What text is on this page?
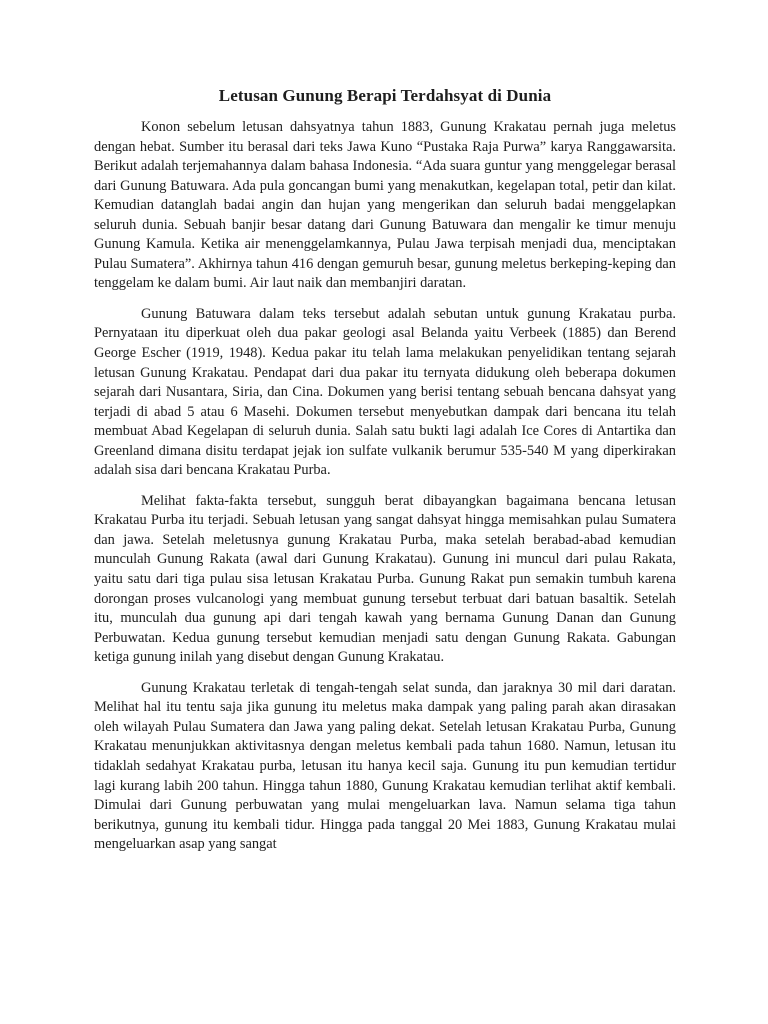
Letusan Gunung Berapi Terdahsyat di Dunia

Konon sebelum letusan dahsyatnya tahun 1883, Gunung Krakatau pernah juga meletus dengan hebat. Sumber itu berasal dari teks Jawa Kuno “Pustaka Raja Purwa” karya Ranggawarsita. Berikut adalah terjemahannya dalam bahasa Indonesia. “Ada suara guntur yang menggelegar berasal dari Gunung Batuwara. Ada pula goncangan bumi yang menakutkan, kegelapan total, petir dan kilat. Kemudian datanglah badai angin dan hujan yang mengerikan dan seluruh badai menggelapkan seluruh dunia. Sebuah banjir besar datang dari Gunung Batuwara dan mengalir ke timur menuju Gunung Kamula. Ketika air menenggelamkannya, Pulau Jawa terpisah menjadi dua, menciptakan Pulau Sumatera”. Akhirnya tahun 416 dengan gemuruh besar, gunung meletus berkeping-keping dan tenggelam ke dalam bumi. Air laut naik dan membanjiri daratan.

Gunung Batuwara dalam teks tersebut adalah sebutan untuk gunung Krakatau purba. Pernyataan itu diperkuat oleh dua pakar geologi asal Belanda yaitu Verbeek (1885) dan Berend George Escher (1919, 1948). Kedua pakar itu telah lama melakukan penyelidikan tentang sejarah letusan Gunung Krakatau. Pendapat dari dua pakar itu ternyata didukung oleh beberapa dokumen sejarah dari Nusantara, Siria, dan Cina. Dokumen yang berisi tentang sebuah bencana dahsyat yang terjadi di abad 5 atau 6 Masehi. Dokumen tersebut menyebutkan dampak dari bencana itu telah membuat Abad Kegelapan di seluruh dunia. Salah satu bukti lagi adalah Ice Cores di Antartika dan Greenland dimana disitu terdapat jejak ion sulfate vulkanik berumur 535-540 M yang diperkirakan adalah sisa dari bencana Krakatau Purba.

Melihat fakta-fakta tersebut, sungguh berat dibayangkan bagaimana bencana letusan Krakatau Purba itu terjadi. Sebuah letusan yang sangat dahsyat hingga memisahkan pulau Sumatera dan jawa. Setelah meletusnya gunung Krakatau Purba, maka setelah berabad-abad kemudian munculah Gunung Rakata (awal dari Gunung Krakatau). Gunung ini muncul dari pulau Rakata, yaitu satu dari tiga pulau sisa letusan Krakatau Purba. Gunung Rakat pun semakin tumbuh karena dorongan proses vulcanologi yang membuat gunung tersebut terbuat dari batuan basaltik. Setelah itu, munculah dua gunung api dari tengah kawah yang bernama Gunung Danan dan Gunung Perbuwatan. Kedua gunung tersebut kemudian menjadi satu dengan Gunung Rakata. Gabungan ketiga gunung inilah yang disebut dengan Gunung Krakatau.

Gunung Krakatau terletak di tengah-tengah selat sunda, dan jaraknya 30 mil dari daratan. Melihat hal itu tentu saja jika gunung itu meletus maka dampak yang paling parah akan dirasakan oleh wilayah Pulau Sumatera dan Jawa yang paling dekat. Setelah letusan Krakatau Purba, Gunung Krakatau menunjukkan aktivitasnya dengan meletus kembali pada tahun 1680. Namun, letusan itu tidaklah sedahyat Krakatau purba, letusan itu hanya kecil saja. Gunung itu pun kemudian tertidur lagi kurang labih 200 tahun. Hingga tahun 1880, Gunung Krakatau kemudian terlihat aktif kembali. Dimulai dari Gunung perbuwatan yang mulai mengeluarkan lava. Namun selama tiga tahun berikutnya, gunung itu kembali tidur. Hingga pada tanggal 20 Mei 1883, Gunung Krakatau mulai mengeluarkan asap yang sangat
